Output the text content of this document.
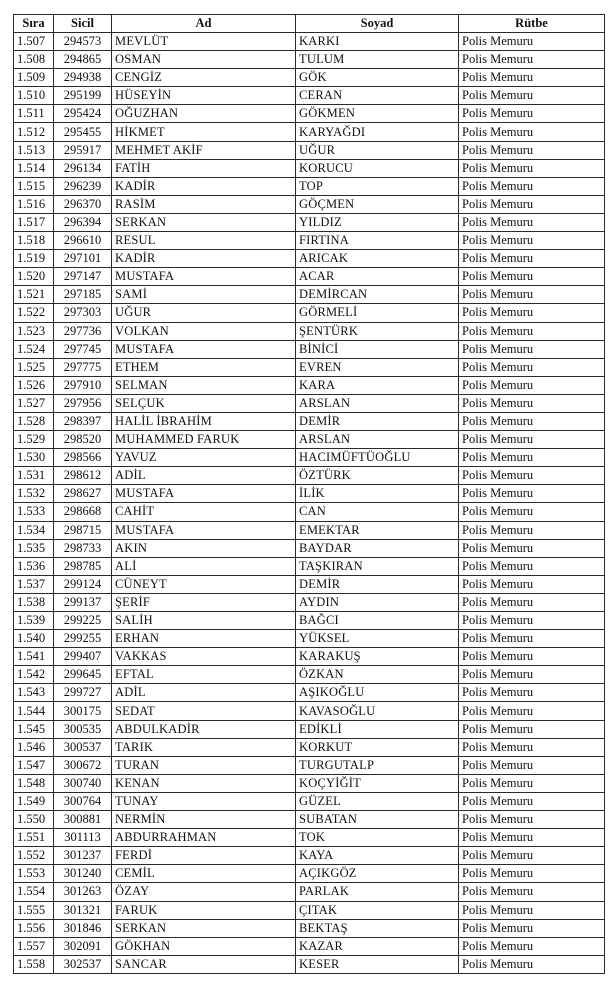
Sıra	Sicil	Ad	Soyad	Rütbe
1.507	294573	MEVLÜT	KARKI	Polis Memuru
1.508	294865	OSMAN	TULUM	Polis Memuru
1.509	294938	CENGİZ	GÖK	Polis Memuru
1.510	295199	HÜSEYİN	CERAN	Polis Memuru
1.511	295424	OĞUZHAN	GÖKMEN	Polis Memuru
1.512	295455	HİKMET	KARYAĞDI	Polis Memuru
1.513	295917	MEHMET AKİF	UĞUR	Polis Memuru
1.514	296134	FATİH	KORUCU	Polis Memuru
1.515	296239	KADİR	TOP	Polis Memuru
1.516	296370	RASİM	GÖÇMEN	Polis Memuru
1.517	296394	SERKAN	YILDIZ	Polis Memuru
1.518	296610	RESUL	FIRTINA	Polis Memuru
1.519	297101	KADİR	ARICAK	Polis Memuru
1.520	297147	MUSTAFA	ACAR	Polis Memuru
1.521	297185	SAMİ	DEMİRCAN	Polis Memuru
1.522	297303	UĞUR	GÖRMELİ	Polis Memuru
1.523	297736	VOLKAN	ŞENTÜRK	Polis Memuru
1.524	297745	MUSTAFA	BİNİCİ	Polis Memuru
1.525	297775	ETHEM	EVREN	Polis Memuru
1.526	297910	SELMAN	KARA	Polis Memuru
1.527	297956	SELÇUK	ARSLAN	Polis Memuru
1.528	298397	HALİL İBRAHİM	DEMİR	Polis Memuru
1.529	298520	MUHAMMED FARUK	ARSLAN	Polis Memuru
1.530	298566	YAVUZ	HACIMÜFTÜOĞLU	Polis Memuru
1.531	298612	ADİL	ÖZTÜRK	Polis Memuru
1.532	298627	MUSTAFA	İLİK	Polis Memuru
1.533	298668	CAHİT	CAN	Polis Memuru
1.534	298715	MUSTAFA	EMEKTAR	Polis Memuru
1.535	298733	AKIN	BAYDAR	Polis Memuru
1.536	298785	ALİ	TAŞKIRAN	Polis Memuru
1.537	299124	CÜNEYT	DEMİR	Polis Memuru
1.538	299137	ŞERİF	AYDIN	Polis Memuru
1.539	299225	SALİH	BAĞCI	Polis Memuru
1.540	299255	ERHAN	YÜKSEL	Polis Memuru
1.541	299407	VAKKAS	KARAKUŞ	Polis Memuru
1.542	299645	EFTAL	ÖZKAN	Polis Memuru
1.543	299727	ADİL	AŞIKOĞLU	Polis Memuru
1.544	300175	SEDAT	KAVASOĞLU	Polis Memuru
1.545	300535	ABDULKADİR	EDİKLİ	Polis Memuru
1.546	300537	TARIK	KORKUT	Polis Memuru
1.547	300672	TURAN	TURGUTALP	Polis Memuru
1.548	300740	KENAN	KOÇYİĞİT	Polis Memuru
1.549	300764	TUNAY	GÜZEL	Polis Memuru
1.550	300881	NERMİN	SUBATAN	Polis Memuru
1.551	301113	ABDURRAHMAN	TOK	Polis Memuru
1.552	301237	FERDİ	KAYA	Polis Memuru
1.553	301240	CEMİL	AÇIKGÖZ	Polis Memuru
1.554	301263	ÖZAY	PARLAK	Polis Memuru
1.555	301321	FARUK	ÇITAK	Polis Memuru
1.556	301846	SERKAN	BEKTAŞ	Polis Memuru
1.557	302091	GÖKHAN	KAZAR	Polis Memuru
1.558	302537	SANCAR	KESER	Polis Memuru
